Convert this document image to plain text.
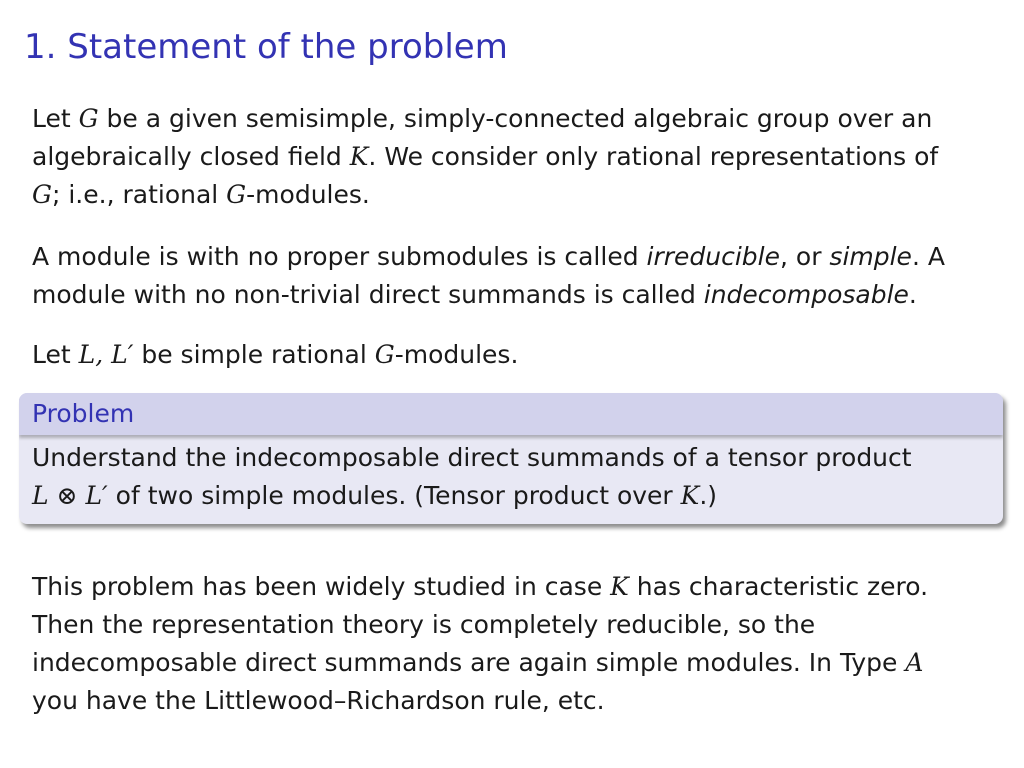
1. Statement of the problem

Let G be a given semisimple, simply-connected algebraic group over an
algebraically closed field K. We consider only rational representations of
G; i.e., rational G-modules.

A module is with no proper submodules is called irreducible, or simple. A
module with no non-trivial direct summands is called indecomposable.

Let L, L′ be simple rational G-modules.

Problem
Understand the indecomposable direct summands of a tensor product
L ⊗ L′ of two simple modules. (Tensor product over K.)

This problem has been widely studied in case K has characteristic zero.
Then the representation theory is completely reducible, so the
indecomposable direct summands are again simple modules. In Type A
you have the Littlewood–Richardson rule, etc.
